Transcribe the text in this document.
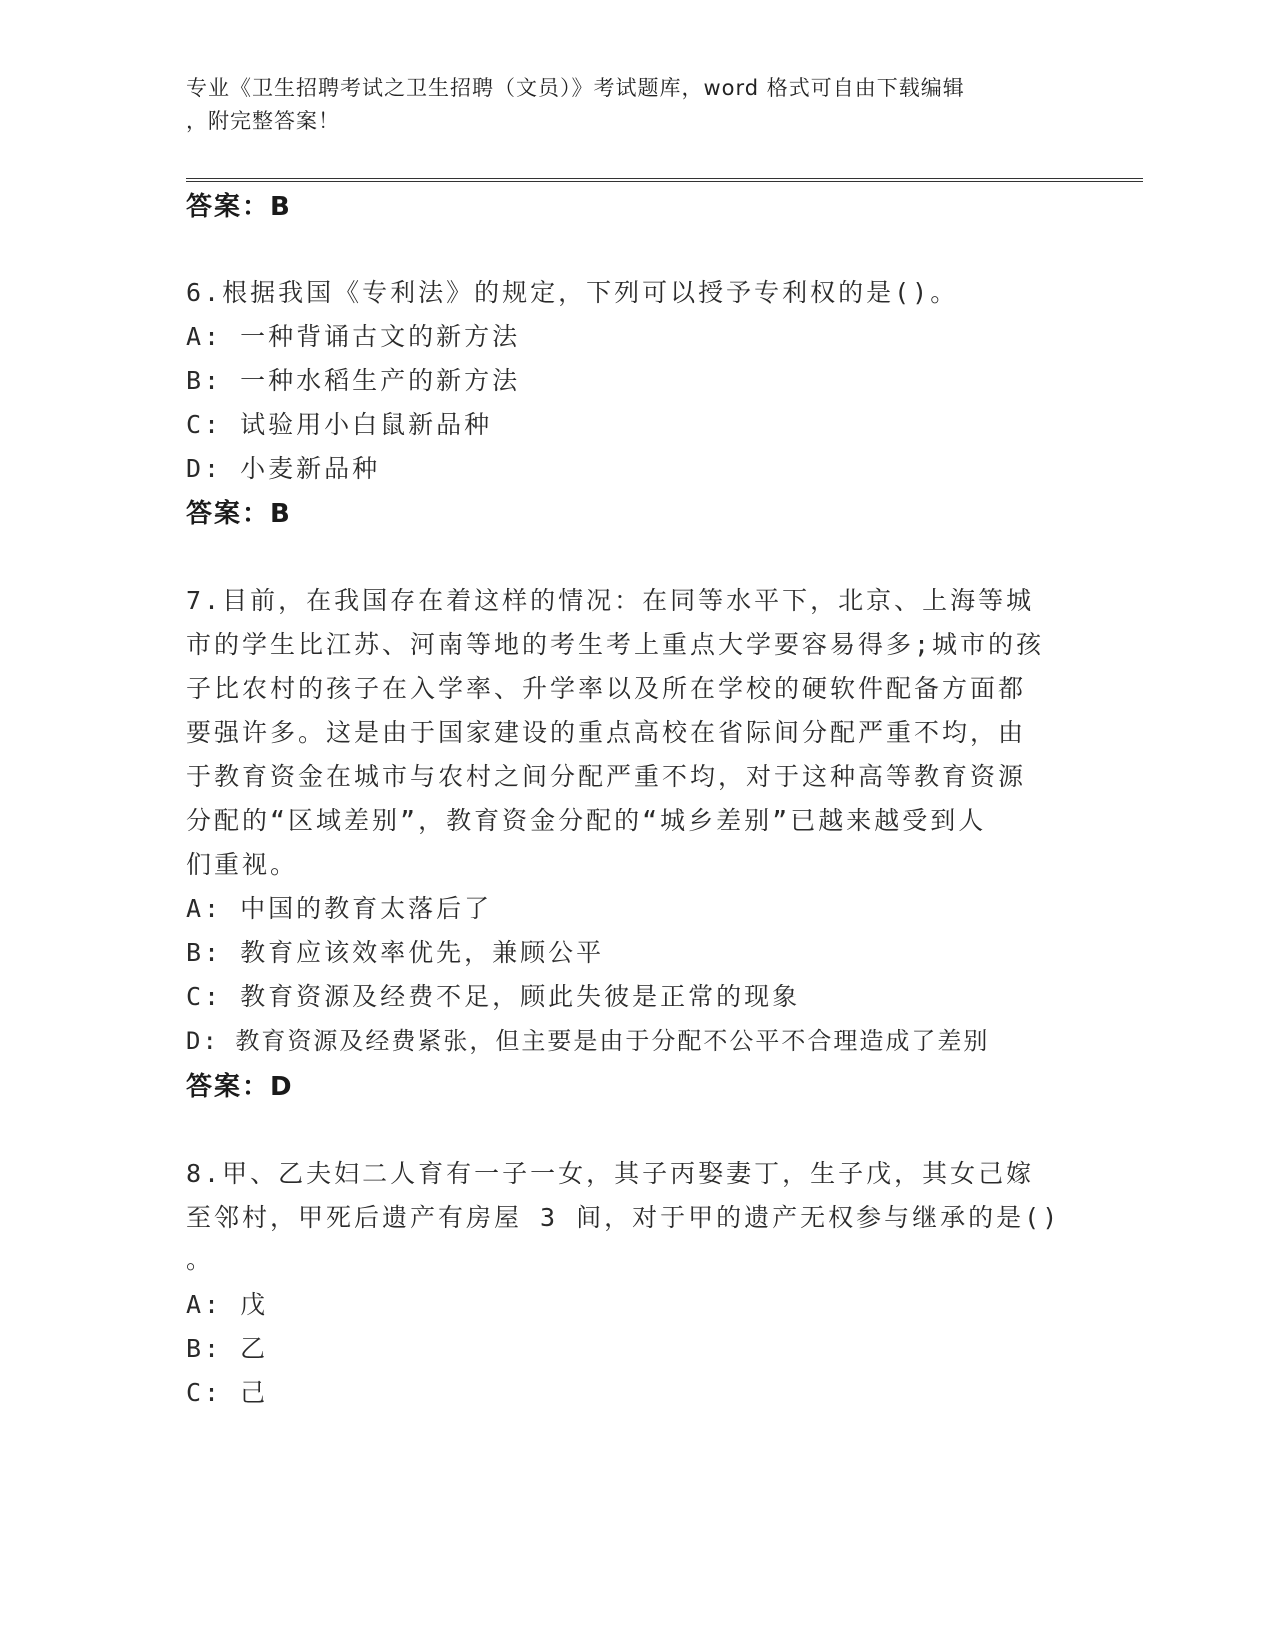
专业《卫生招聘考试之卫生招聘（文员）》考试题库，word 格式可自由下载编辑
，附完整答案！
答案：B
6.根据我国《专利法》的规定，下列可以授予专利权的是()。
A: 一种背诵古文的新方法
B: 一种水稻生产的新方法
C: 试验用小白鼠新品种
D: 小麦新品种
答案：B
7.目前，在我国存在着这样的情况：在同等水平下，北京、上海等城
市的学生比江苏、河南等地的考生考上重点大学要容易得多;城市的孩
子比农村的孩子在入学率、升学率以及所在学校的硬软件配备方面都
要强许多。这是由于国家建设的重点高校在省际间分配严重不均，由
于教育资金在城市与农村之间分配严重不均，对于这种高等教育资源
分配的“区域差别”，教育资金分配的“城乡差别”已越来越受到人
们重视。
A: 中国的教育太落后了
B: 教育应该效率优先，兼顾公平
C: 教育资源及经费不足，顾此失彼是正常的现象
D: 教育资源及经费紧张，但主要是由于分配不公平不合理造成了差别
答案：D
8.甲、乙夫妇二人育有一子一女，其子丙娶妻丁，生子戊，其女己嫁
至邻村，甲死后遗产有房屋 3 间，对于甲的遗产无权参与继承的是()
。
A: 戊
B: 乙
C: 己
